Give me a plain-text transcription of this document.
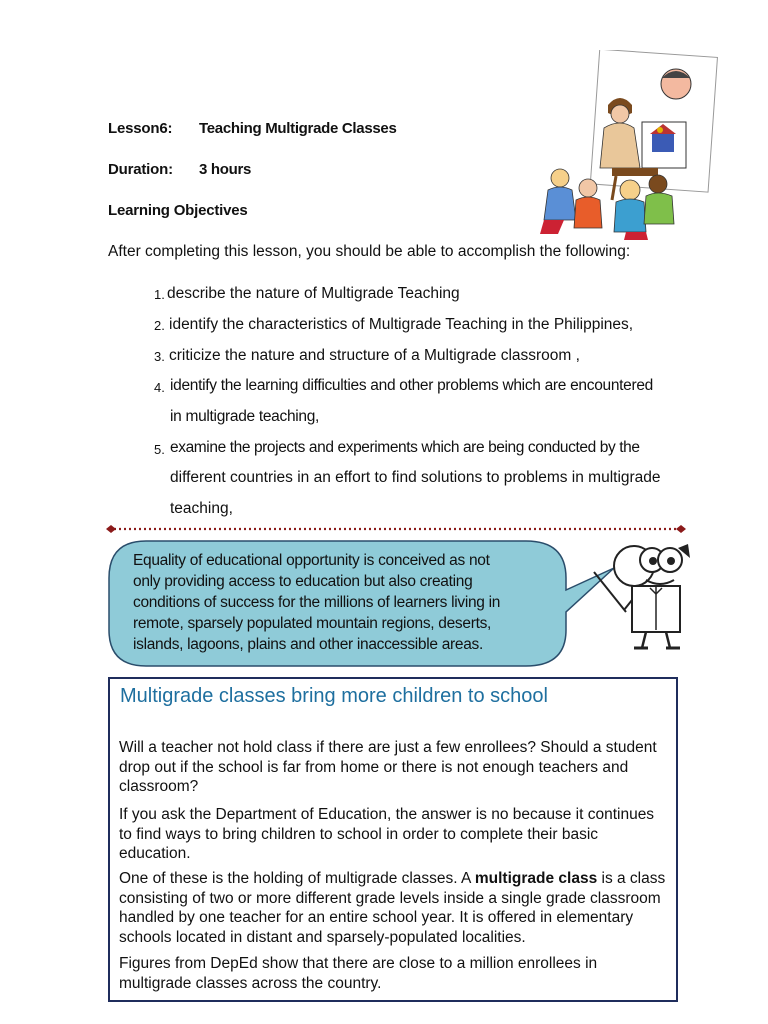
Lesson6: Teaching Multigrade Classes
Duration: 3 hours
Learning Objectives
After completing this lesson, you should be able to accomplish the following:
1. describe the nature of Multigrade Teaching
2. identify the characteristics of Multigrade Teaching in the Philippines,
3. criticize the nature and structure of a Multigrade classroom ,
4. identify the learning difficulties and other problems which are encountered
in multigrade teaching,
5. examine the projects and experiments which are being conducted by the
different countries in an effort to find solutions to problems in multigrade
teaching,
Equality of educational opportunity is conceived as not
only providing access to education but also creating
conditions of success for the millions of learners living in
remote, sparsely populated mountain regions, deserts,
islands, lagoons, plains and other inaccessible areas.
Multigrade classes bring more children to school

Will a teacher not hold class if there are just a few enrollees? Should a student drop out if the school is far from home or there is not enough teachers and classroom?

If you ask the Department of Education, the answer is no because it continues to find ways to bring children to school in order to complete their basic education.

One of these is the holding of multigrade classes. A multigrade class is a class consisting of two or more different grade levels inside a single grade classroom handled by one teacher for an entire school year. It is offered in elementary schools located in distant and sparsely-populated localities.

Figures from DepEd show that there are close to a million enrollees in multigrade classes across the country.
